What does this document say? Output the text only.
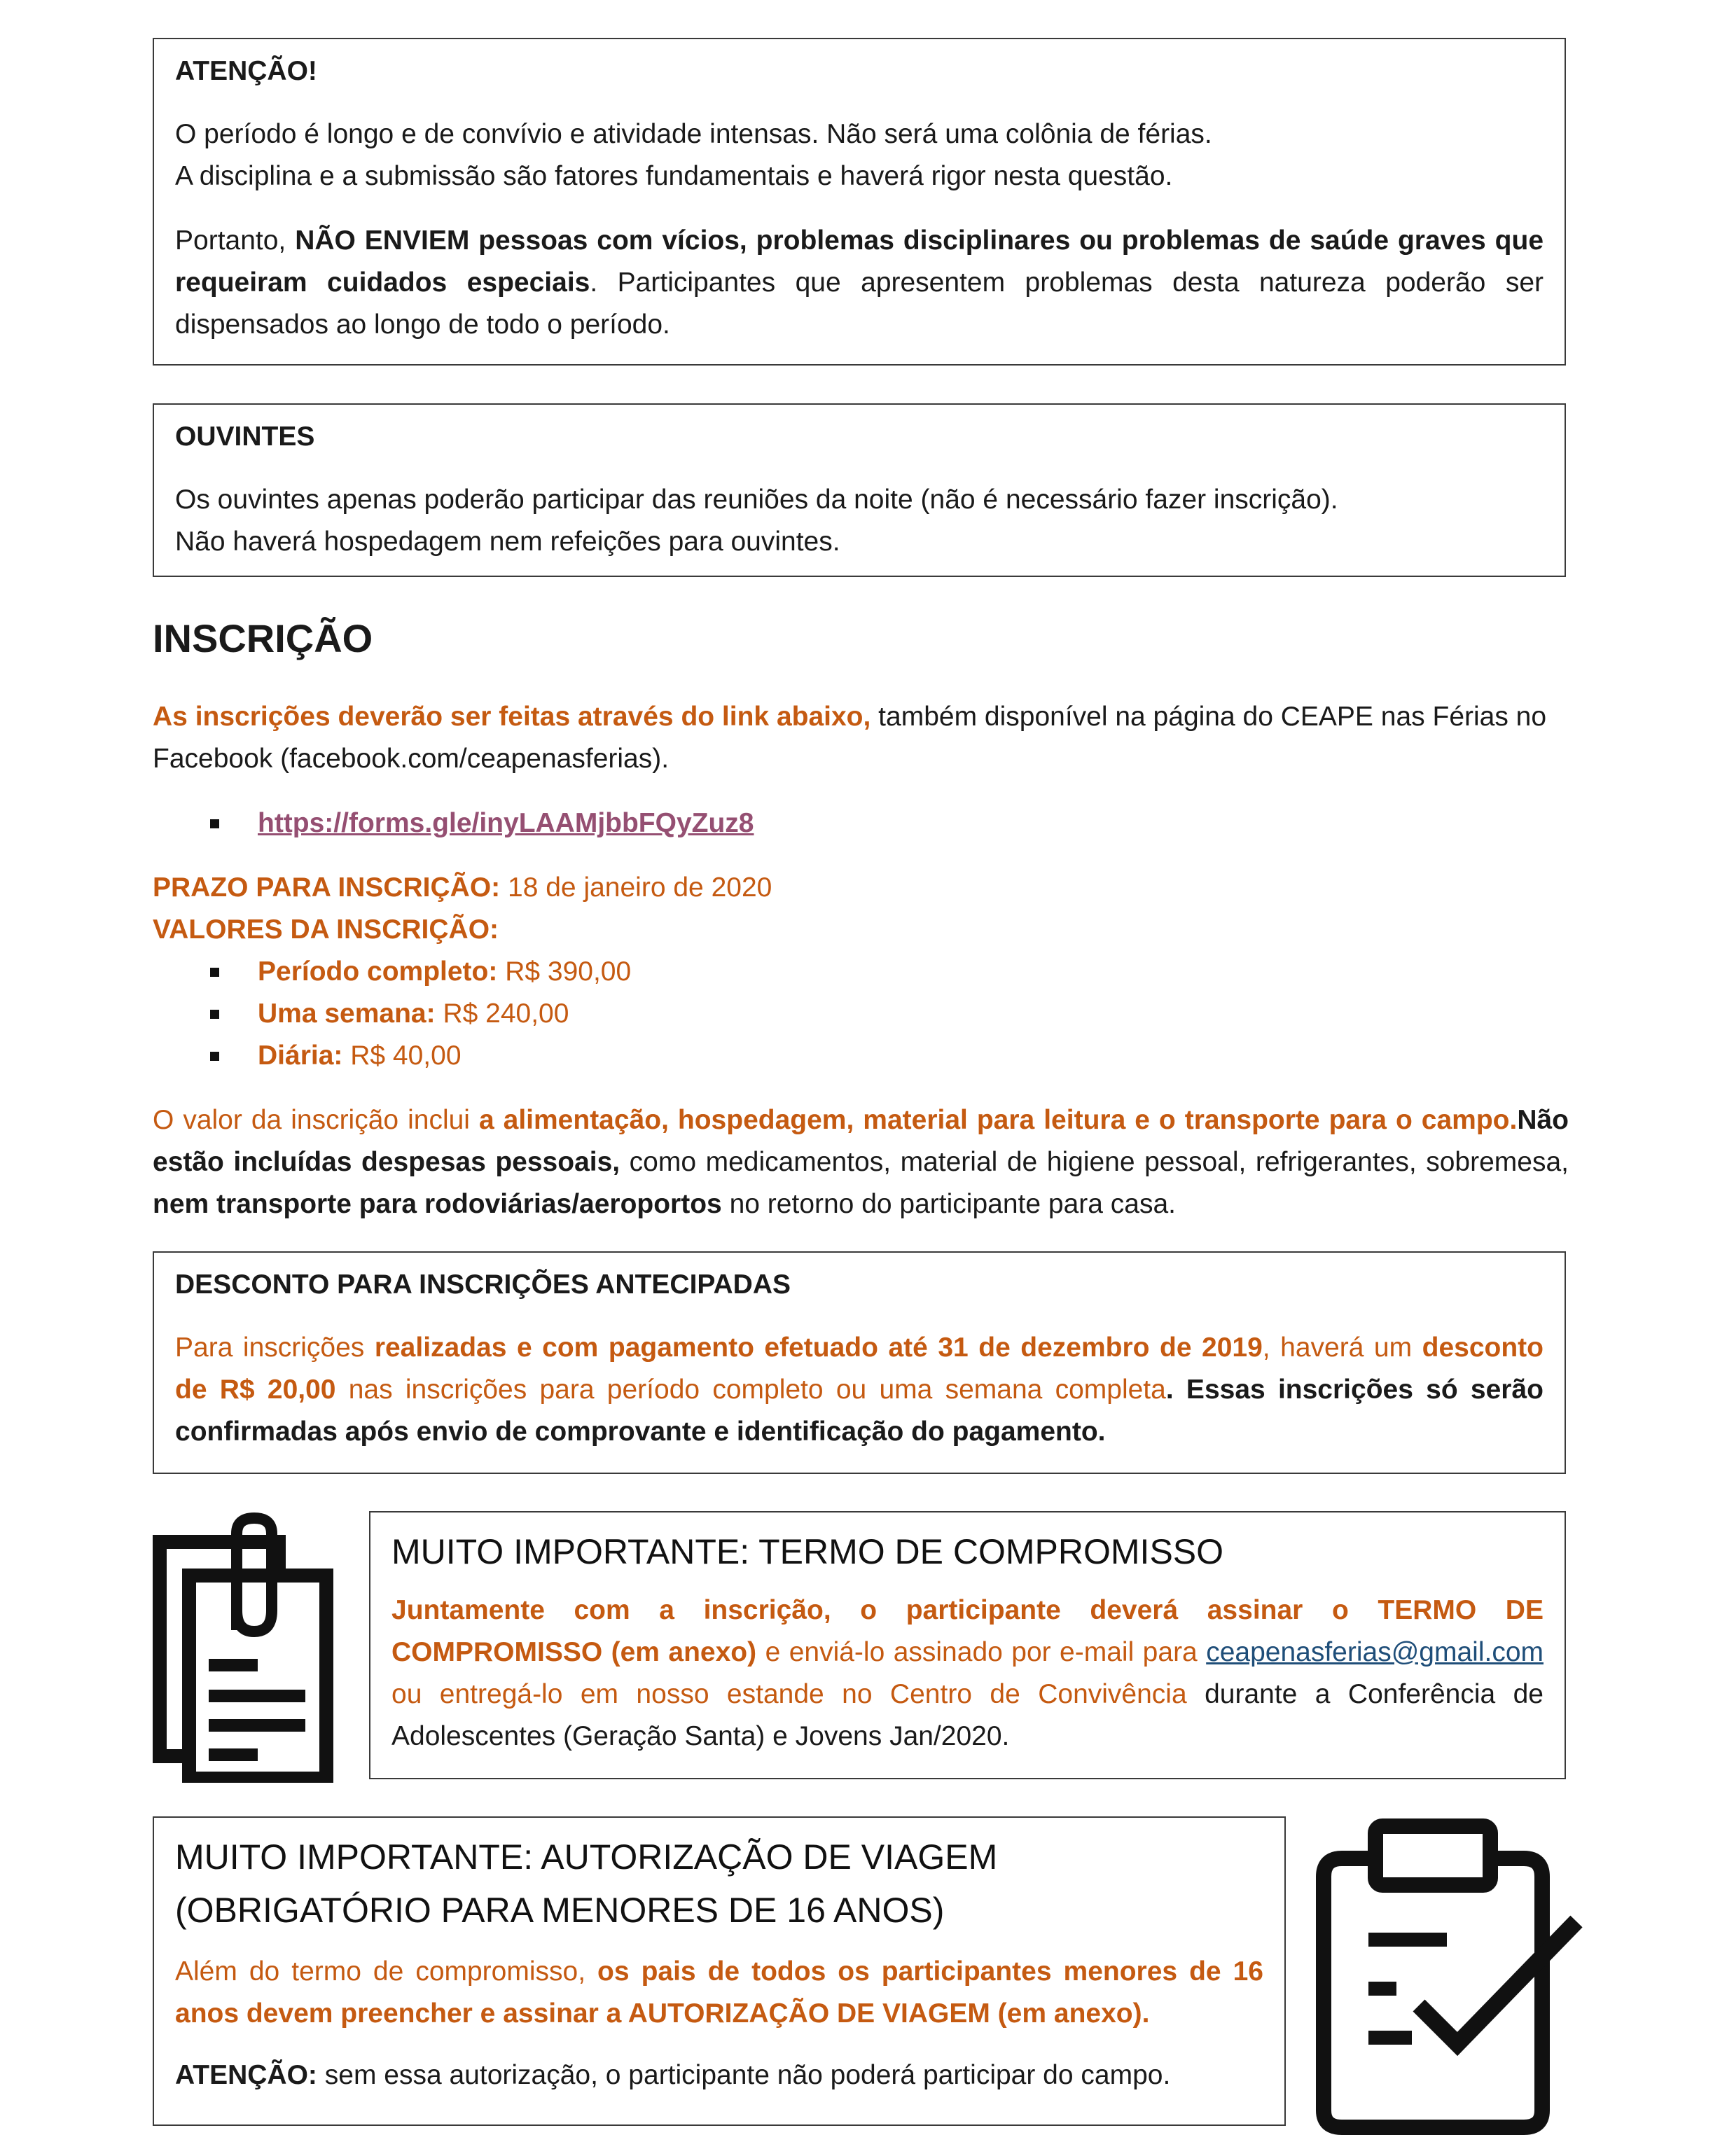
ATENÇÃO!

O período é longo e de convívio e atividade intensas. Não será uma colônia de férias.

A disciplina e a submissão são fatores fundamentais e haverá rigor nesta questão.

Portanto, NÃO ENVIEM pessoas com vícios, problemas disciplinares ou problemas de saúde graves que requeiram cuidados especiais. Participantes que apresentem problemas desta natureza poderão ser dispensados ao longo de todo o período.

OUVINTES

Os ouvintes apenas poderão participar das reuniões da noite (não é necessário fazer inscrição).

Não haverá hospedagem nem refeições para ouvintes.

INSCRIÇÃO

As inscrições deverão ser feitas através do link abaixo, também disponível na página do CEAPE nas Férias no Facebook (facebook.com/ceapenasferias).

https://forms.gle/inyLAAMjbbFQyZuz8

PRAZO PARA INSCRIÇÃO: 18 de janeiro de 2020

VALORES DA INSCRIÇÃO:

Período completo: R$ 390,00
Uma semana: R$ 240,00
Diária: R$ 40,00

O valor da inscrição inclui a alimentação, hospedagem, material para leitura e o transporte para o campo.Não estão incluídas despesas pessoais, como medicamentos, material de higiene pessoal, refrigerantes, sobremesa, nem transporte para rodoviárias/aeroportos no retorno do participante para casa.

DESCONTO PARA INSCRIÇÕES ANTECIPADAS

Para inscrições realizadas e com pagamento efetuado até 31 de dezembro de 2019, haverá um desconto de R$ 20,00 nas inscrições para período completo ou uma semana completa. Essas inscrições só serão confirmadas após envio de comprovante e identificação do pagamento.

MUITO IMPORTANTE: TERMO DE COMPROMISSO

Juntamente com a inscrição, o participante deverá assinar o TERMO DE COMPROMISSO (em anexo) e enviá-lo assinado por e-mail para ceapenasferias@gmail.com ou entregá-lo em nosso estande no Centro de Convivência durante a Conferência de Adolescentes (Geração Santa) e Jovens Jan/2020.

MUITO IMPORTANTE: AUTORIZAÇÃO DE VIAGEM

(OBRIGATÓRIO PARA MENORES DE 16 ANOS)

Além do termo de compromisso, os pais de todos os participantes menores de 16 anos devem preencher e assinar a AUTORIZAÇÃO DE VIAGEM (em anexo).

ATENÇÃO: sem essa autorização, o participante não poderá participar do campo.
